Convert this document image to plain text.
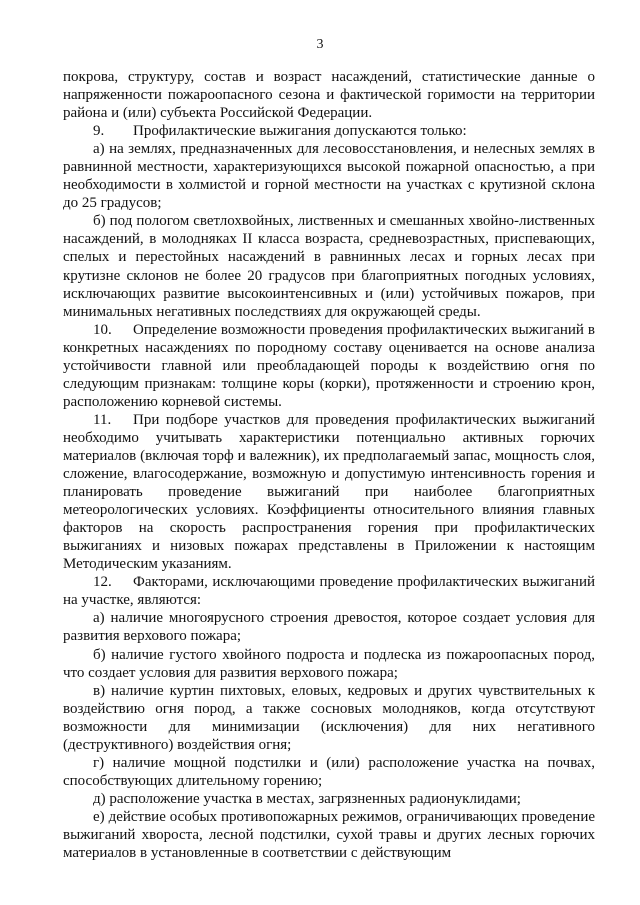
3

покрова, структуру, состав и возраст насаждений, статистические данные о напряженности пожароопасного сезона и фактической горимости на территории района и (или) субъекта Российской Федерации.

9. Профилактические выжигания допускаются только:

а) на землях, предназначенных для лесовосстановления, и нелесных землях в равнинной местности, характеризующихся высокой пожарной опасностью, а при необходимости в холмистой и горной местности на участках с крутизной склона до 25 градусов;

б) под пологом светлохвойных, лиственных и смешанных хвойно-лиственных насаждений, в молодняках II класса возраста, средневозрастных, приспевающих, спелых и перестойных насаждений в равнинных лесах и горных лесах при крутизне склонов не более 20 градусов при благоприятных погодных условиях, исключающих развитие высокоинтенсивных и (или) устойчивых пожаров, при минимальных негативных последствиях для окружающей среды.

10. Определение возможности проведения профилактических выжиганий в конкретных насаждениях по породному составу оценивается на основе анализа устойчивости главной или преобладающей породы к воздействию огня по следующим признакам: толщине коры (корки), протяженности и строению крон, расположению корневой системы.

11. При подборе участков для проведения профилактических выжиганий необходимо учитывать характеристики потенциально активных горючих материалов (включая торф и валежник), их предполагаемый запас, мощность слоя, сложение, влагосодержание, возможную и допустимую интенсивность горения и планировать проведение выжиганий при наиболее благоприятных метеорологических условиях. Коэффициенты относительного влияния главных факторов на скорость распространения горения при профилактических выжиганиях и низовых пожарах представлены в Приложении к настоящим Методическим указаниям.

12. Факторами, исключающими проведение профилактических выжиганий на участке, являются:

а) наличие многоярусного строения древостоя, которое создает условия для развития верхового пожара;

б) наличие густого хвойного подроста и подлеска из пожароопасных пород, что создает условия для развития верхового пожара;

в) наличие куртин пихтовых, еловых, кедровых и других чувствительных к воздействию огня пород, а также сосновых молодняков, когда отсутствуют возможности для минимизации (исключения) для них негативного (деструктивного) воздействия огня;

г) наличие мощной подстилки и (или) расположение участка на почвах, способствующих длительному горению;

д) расположение участка в местах, загрязненных радионуклидами;

е) действие особых противопожарных режимов, ограничивающих проведение выжиганий хвороста, лесной подстилки, сухой травы и других лесных горючих материалов в установленные в соответствии с действующим
